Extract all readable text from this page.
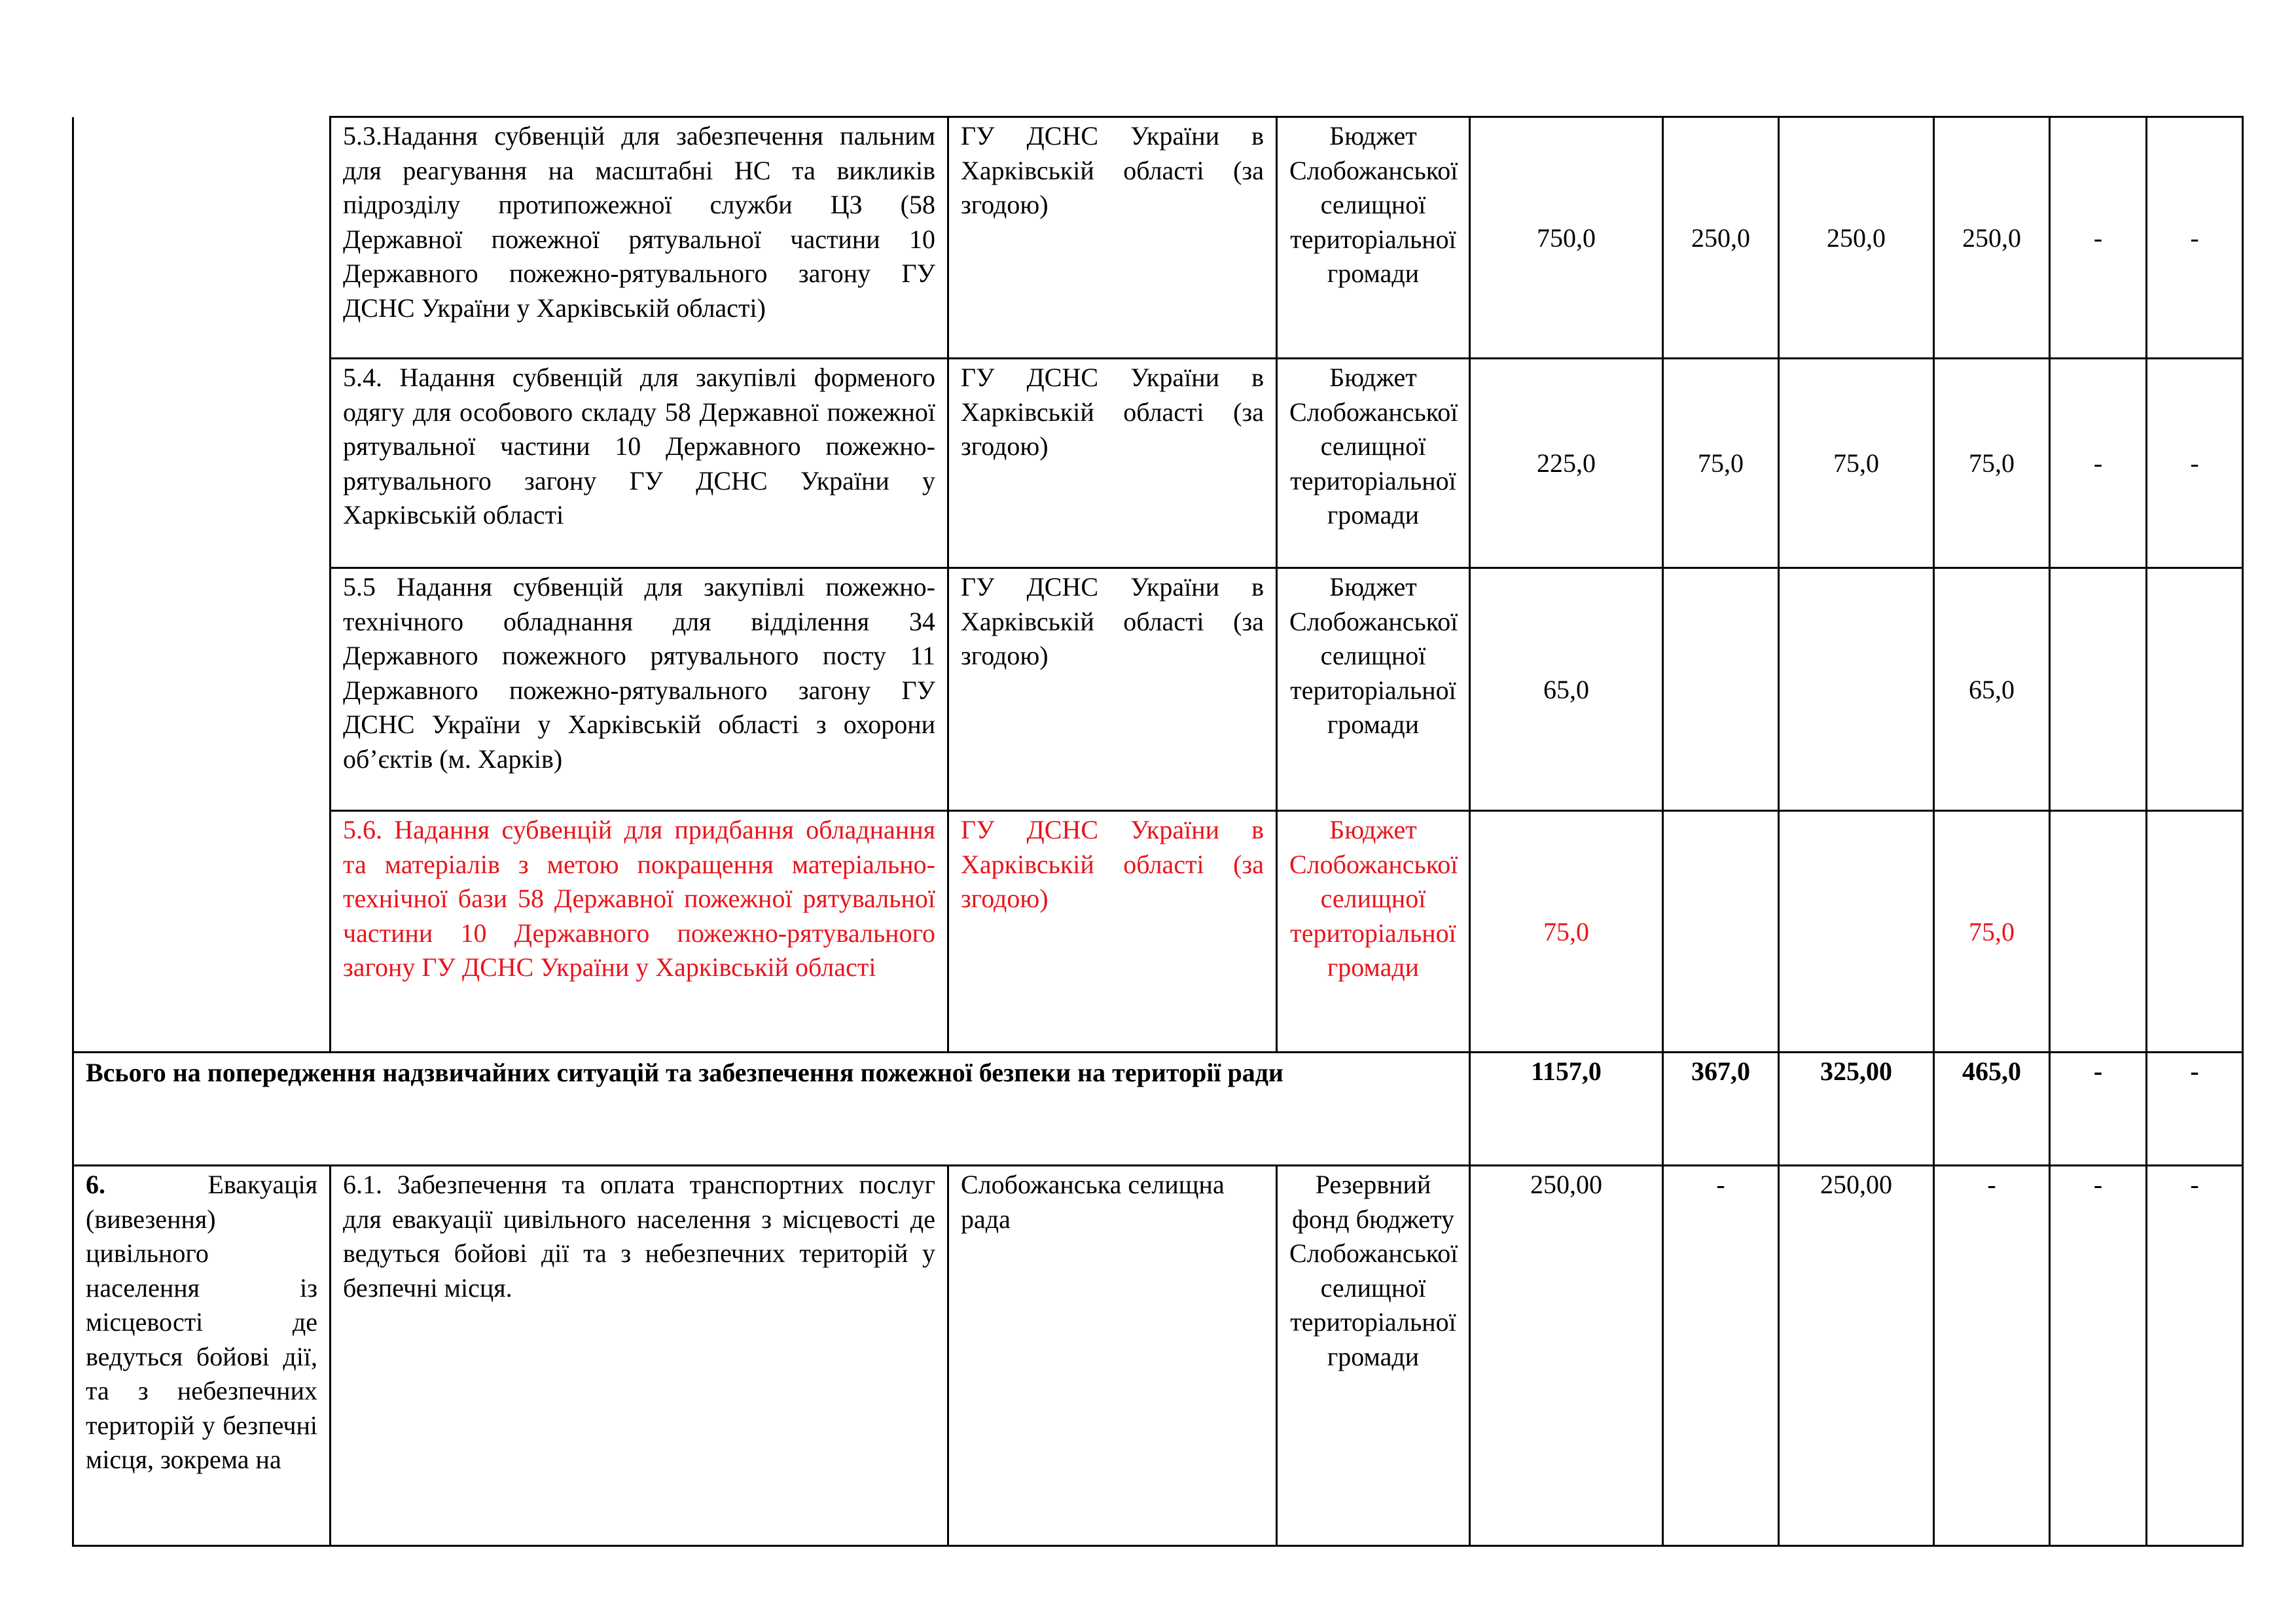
	5.3.Надання субвенцій для забезпечення пальним для реагування на масштабні НС та викликів підрозділу протипожежної служби ЦЗ (58 Державної пожежної рятувальної частини 10 Державного пожежно-рятувального загону ГУ ДСНС України у Харківській області)	ГУ ДСНС України в Харківській області (за згодою)	Бюджет Слобожанської селищної територіальної громади	750,0	250,0	250,0	250,0	-	-
	5.4. Надання субвенцій для закупівлі форменого одягу для особового складу 58 Державної пожежної рятувальної частини 10 Державного пожежно-рятувального загону ГУ ДСНС України у Харківській області	ГУ ДСНС України в Харківській області (за згодою)	Бюджет Слобожанської селищної територіальної громади	225,0	75,0	75,0	75,0	-	-
	5.5 Надання субвенцій для закупівлі пожежно-технічного обладнання для відділення 34 Державного пожежного рятувального посту 11 Державного пожежно-рятувального загону ГУ ДСНС України у Харківській області з охорони об’єктів (м. Харків)	ГУ ДСНС України в Харківській області (за згодою)	Бюджет Слобожанської селищної територіальної громади	65,0			65,0		
	5.6. Надання субвенцій для придбання обладнання та матеріалів з метою покращення матеріально-технічної бази 58 Державної пожежної рятувальної частини 10 Державного пожежно-рятувального загону ГУ ДСНС України у Харківській області	ГУ ДСНС України в Харківській області (за згодою)	Бюджет Слобожанської селищної територіальної громади	75,0			75,0		
Всього на попередження надзвичайних ситуацій та забезпечення пожежної безпеки на території ради				1157,0	367,0	325,00	465,0	-	-
6. Евакуація (вивезення) цивільного населення із місцевості де ведуться бойові дії, та з небезпечних територій у безпечні місця, зокрема на	6.1. Забезпечення та оплата транспортних послуг для евакуації цивільного населення з місцевості де ведуться бойові дії та з небезпечних територій у безпечні місця.	Слобожанська селищна рада	Резервний фонд бюджету Слобожанської селищної територіальної громади	250,00	-	250,00	-	-	-
